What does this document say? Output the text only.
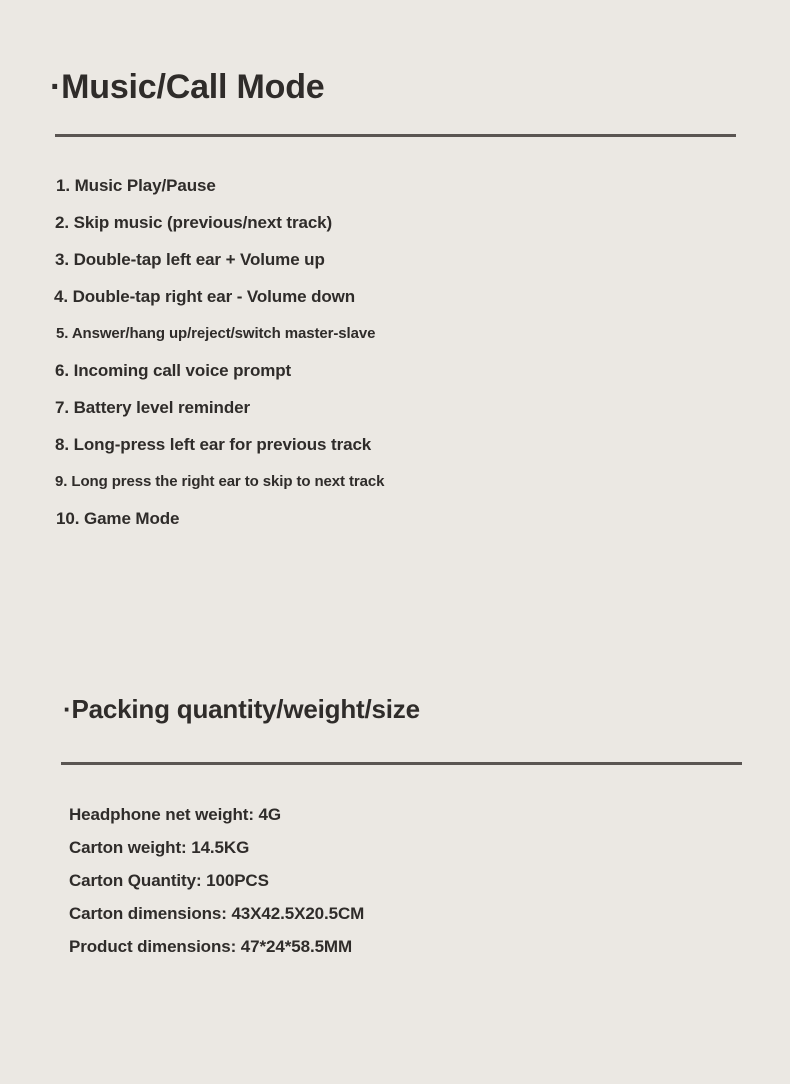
·Music/Call Mode
1. Music Play/Pause
2. Skip music (previous/next track)
3. Double-tap left ear + Volume up
4. Double-tap right ear - Volume down
5. Answer/hang up/reject/switch master-slave
6. Incoming call voice prompt
7. Battery level reminder
8. Long-press left ear for previous track
9. Long press the right ear to skip to next track
10. Game Mode
·Packing quantity/weight/size
Headphone net weight: 4G
Carton weight: 14.5KG
Carton Quantity: 100PCS
Carton dimensions: 43X42.5X20.5CM
Product dimensions: 47*24*58.5MM
